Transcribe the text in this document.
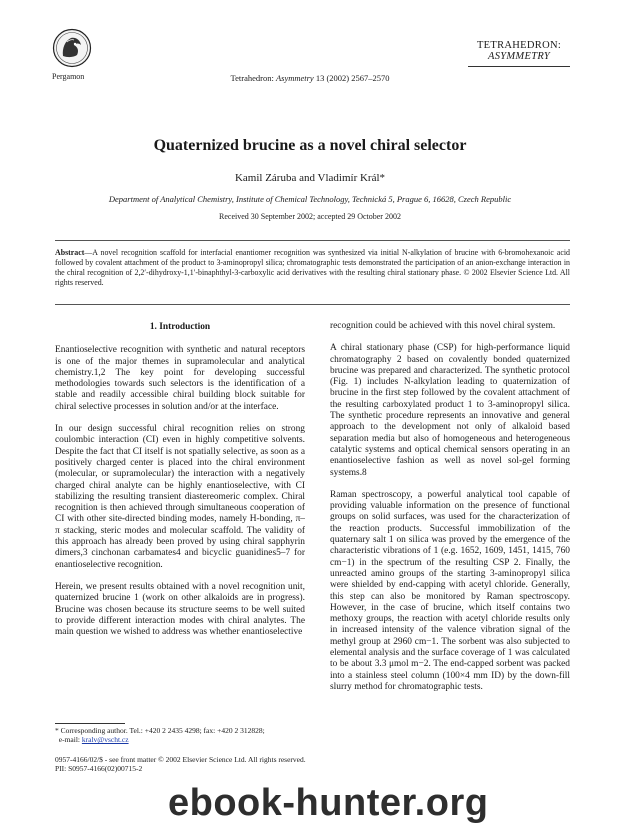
Pergamon	Tetrahedron: Asymmetry 13 (2002) 2567–2570
TETRAHEDRON:
ASYMMETRY
Quaternized brucine as a novel chiral selector
Kamil Záruba and Vladimír Král*
Department of Analytical Chemistry, Institute of Chemical Technology, Technická 5, Prague 6, 16628, Czech Republic
Received 30 September 2002; accepted 29 October 2002
Abstract—A novel recognition scaffold for interfacial enantiomer recognition was synthesized via initial N-alkylation of brucine with 6-bromohexanoic acid followed by covalent attachment of the product to 3-aminopropyl silica; chromatographic tests demonstrated the participation of an anion-exchange interaction in the chiral recognition of 2,2′-dihydroxy-1,1′-binaphthyl-3-carboxylic acid derivatives with the resulting chiral stationary phase. © 2002 Elsevier Science Ltd. All rights reserved.
1. Introduction

Enantioselective recognition with synthetic and natural receptors is one of the major themes in supramolecular and analytical chemistry.1,2 The key point for developing successful methodologies towards such selectors is the identification of a stable and readily accessible chiral building block suitable for chiral selective processes in solution and/or at the interface.

In our design successful chiral recognition relies on strong coulombic interaction (CI) even in highly competitive solvents. Despite the fact that CI itself is not spatially selective, as soon as a positively charged center is placed into the chiral environment (molecular, or supramolecular) the interaction with a negatively charged chiral analyte can be highly enantioselective, with CI stabilizing the resulting transient diastereomeric complex. Chiral recognition is then achieved through simultaneous cooperation of CI with other site-directed binding modes, namely H-bonding, π–π stacking, steric modes and molecular scaffold. The validity of this approach has already been proved by using chiral sapphyrin dimers,3 cinchonan carbamates4 and bicyclic guanidines5–7 for enantioselective recognition.

Herein, we present results obtained with a novel recognition unit, quaternized brucine 1 (work on other alkaloids are in progress). Brucine was chosen because its structure seems to be well suited to provide different interaction modes with chiral analytes. The main question we wished to address was whether enantioselective

recognition could be achieved with this novel chiral system.

A chiral stationary phase (CSP) for high-performance liquid chromatography 2 based on covalently bonded quaternized brucine was prepared and characterized. The synthetic protocol (Fig. 1) includes N-alkylation leading to quaternization of brucine in the first step followed by the covalent attachment of the resulting carboxylated product 1 to 3-aminopropyl silica. The synthetic procedure represents an innovative and general approach to the development not only of alkaloid based separation media but also of homogeneous and heterogeneous catalytic systems and optical chemical sensors operating in an enantioselective fashion as well as novel sol-gel forming systems.8

Raman spectroscopy, a powerful analytical tool capable of providing valuable information on the presence of functional groups on solid surfaces, was used for the characterization of the reaction products. Successful immobilization of the quaternary salt 1 on silica was proved by the emergence of the characteristic vibrations of 1 (e.g. 1652, 1609, 1451, 1415, 760 cm−1) in the spectrum of the resulting CSP 2. Finally, the unreacted amino groups of the starting 3-aminopropyl silica were shielded by end-capping with acetyl chloride. Generally, this step can also be monitored by Raman spectroscopy. However, in the case of brucine, which itself contains two methoxy groups, the reaction with acetyl chloride results only in increased intensity of the valence vibration signal of the methyl group at 2960 cm−1. The sorbent was also subjected to elemental analysis and the surface coverage of 1 was calculated to be about 3.3 μmol m−2. The end-capped sorbent was packed into a stainless steel column (100×4 mm ID) by the down-fill slurry method for chromatographic tests.

* Corresponding author. Tel.: +420 2 2435 4298; fax: +420 2 312828;
e-mail: kralv@vscht.cz
0957-4166/02/$ - see front matter © 2002 Elsevier Science Ltd. All rights reserved.
PII: S0957-4166(02)00715-2
ebook-hunter.org
